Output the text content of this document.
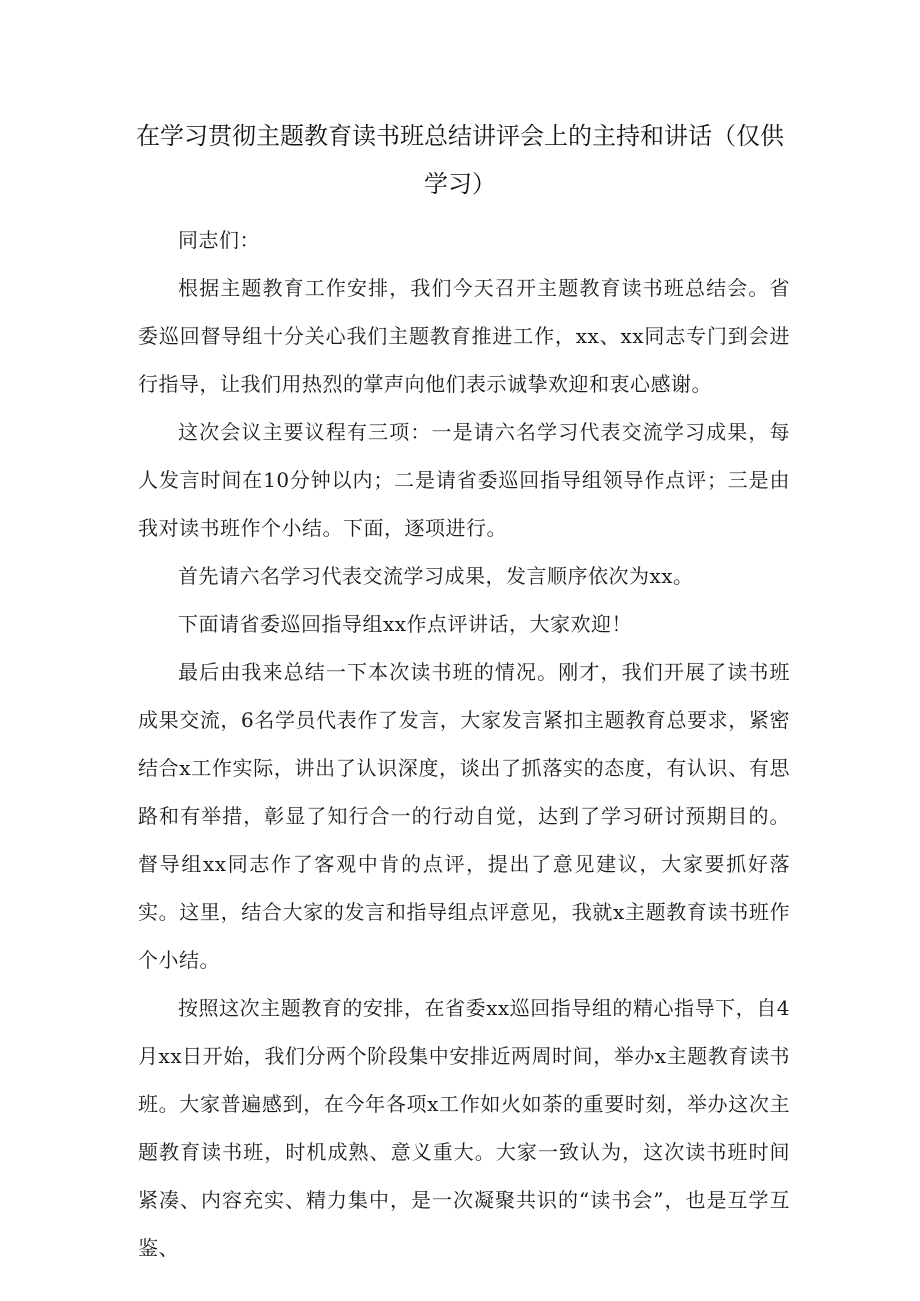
在学习贯彻主题教育读书班总结讲评会上的主持和讲话（仅供学习）

同志们：

根据主题教育工作安排，我们今天召开主题教育读书班总结会。省委巡回督导组十分关心我们主题教育推进工作，xx、xx同志专门到会进行指导，让我们用热烈的掌声向他们表示诚挚欢迎和衷心感谢。

这次会议主要议程有三项：一是请六名学习代表交流学习成果，每人发言时间在10分钟以内；二是请省委巡回指导组领导作点评；三是由我对读书班作个小结。下面，逐项进行。

首先请六名学习代表交流学习成果，发言顺序依次为xx。

下面请省委巡回指导组xx作点评讲话，大家欢迎！

最后由我来总结一下本次读书班的情况。刚才，我们开展了读书班成果交流，6名学员代表作了发言，大家发言紧扣主题教育总要求，紧密结合x工作实际，讲出了认识深度，谈出了抓落实的态度，有认识、有思路和有举措，彰显了知行合一的行动自觉，达到了学习研讨预期目的。督导组xx同志作了客观中肯的点评，提出了意见建议，大家要抓好落实。这里，结合大家的发言和指导组点评意见，我就x主题教育读书班作个小结。

按照这次主题教育的安排，在省委xx巡回指导组的精心指导下，自4月xx日开始，我们分两个阶段集中安排近两周时间，举办x主题教育读书班。大家普遍感到，在今年各项x工作如火如荼的重要时刻，举办这次主题教育读书班，时机成熟、意义重大。大家一致认为，这次读书班时间紧凑、内容充实、精力集中，是一次凝聚共识的“读书会”，也是互学互鉴、
